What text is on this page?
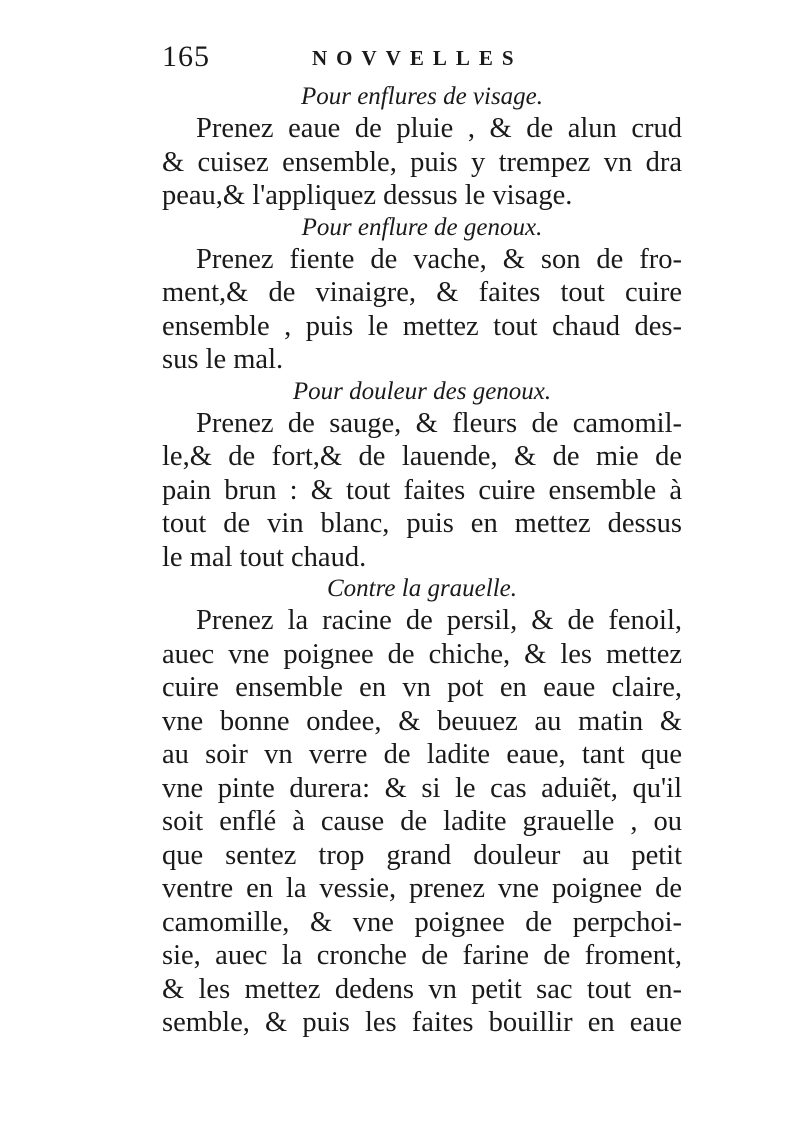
165	NOVVELLES

Pour enflures de visage.

Prenez eaue de pluie , & de alun crud
& cuisez ensemble, puis y trempez vn dra
peau,& l'appliquez dessus le visage.

Pour enflure de genoux.

Prenez fiente de vache, & son de fro-
ment,& de vinaigre, & faites tout cuire
ensemble , puis le mettez tout chaud des-
sus le mal.

Pour douleur des genoux.

Prenez de sauge, & fleurs de camomil-
le,& de fort,& de lauende, & de mie de
pain brun : & tout faites cuire ensemble à
tout de vin blanc, puis en mettez dessus
le mal tout chaud.

Contre la grauelle.

Prenez la racine de persil, & de fenoil,
auec vne poignee de chiche, & les mettez
cuire ensemble en vn pot en eaue claire,
vne bonne ondee, & beuuez au matin &
au soir vn verre de ladite eaue, tant que
vne pinte durera: & si le cas aduiẽt, qu'il
soit enflé à cause de ladite grauelle , ou
que sentez trop grand douleur au petit
ventre en la vessie, prenez vne poignee de
camomille, & vne poignee de perpchoi-
sie, auec la cronche de farine de froment,
& les mettez dedens vn petit sac tout en-
semble, & puis les faites bouillir en eaue
